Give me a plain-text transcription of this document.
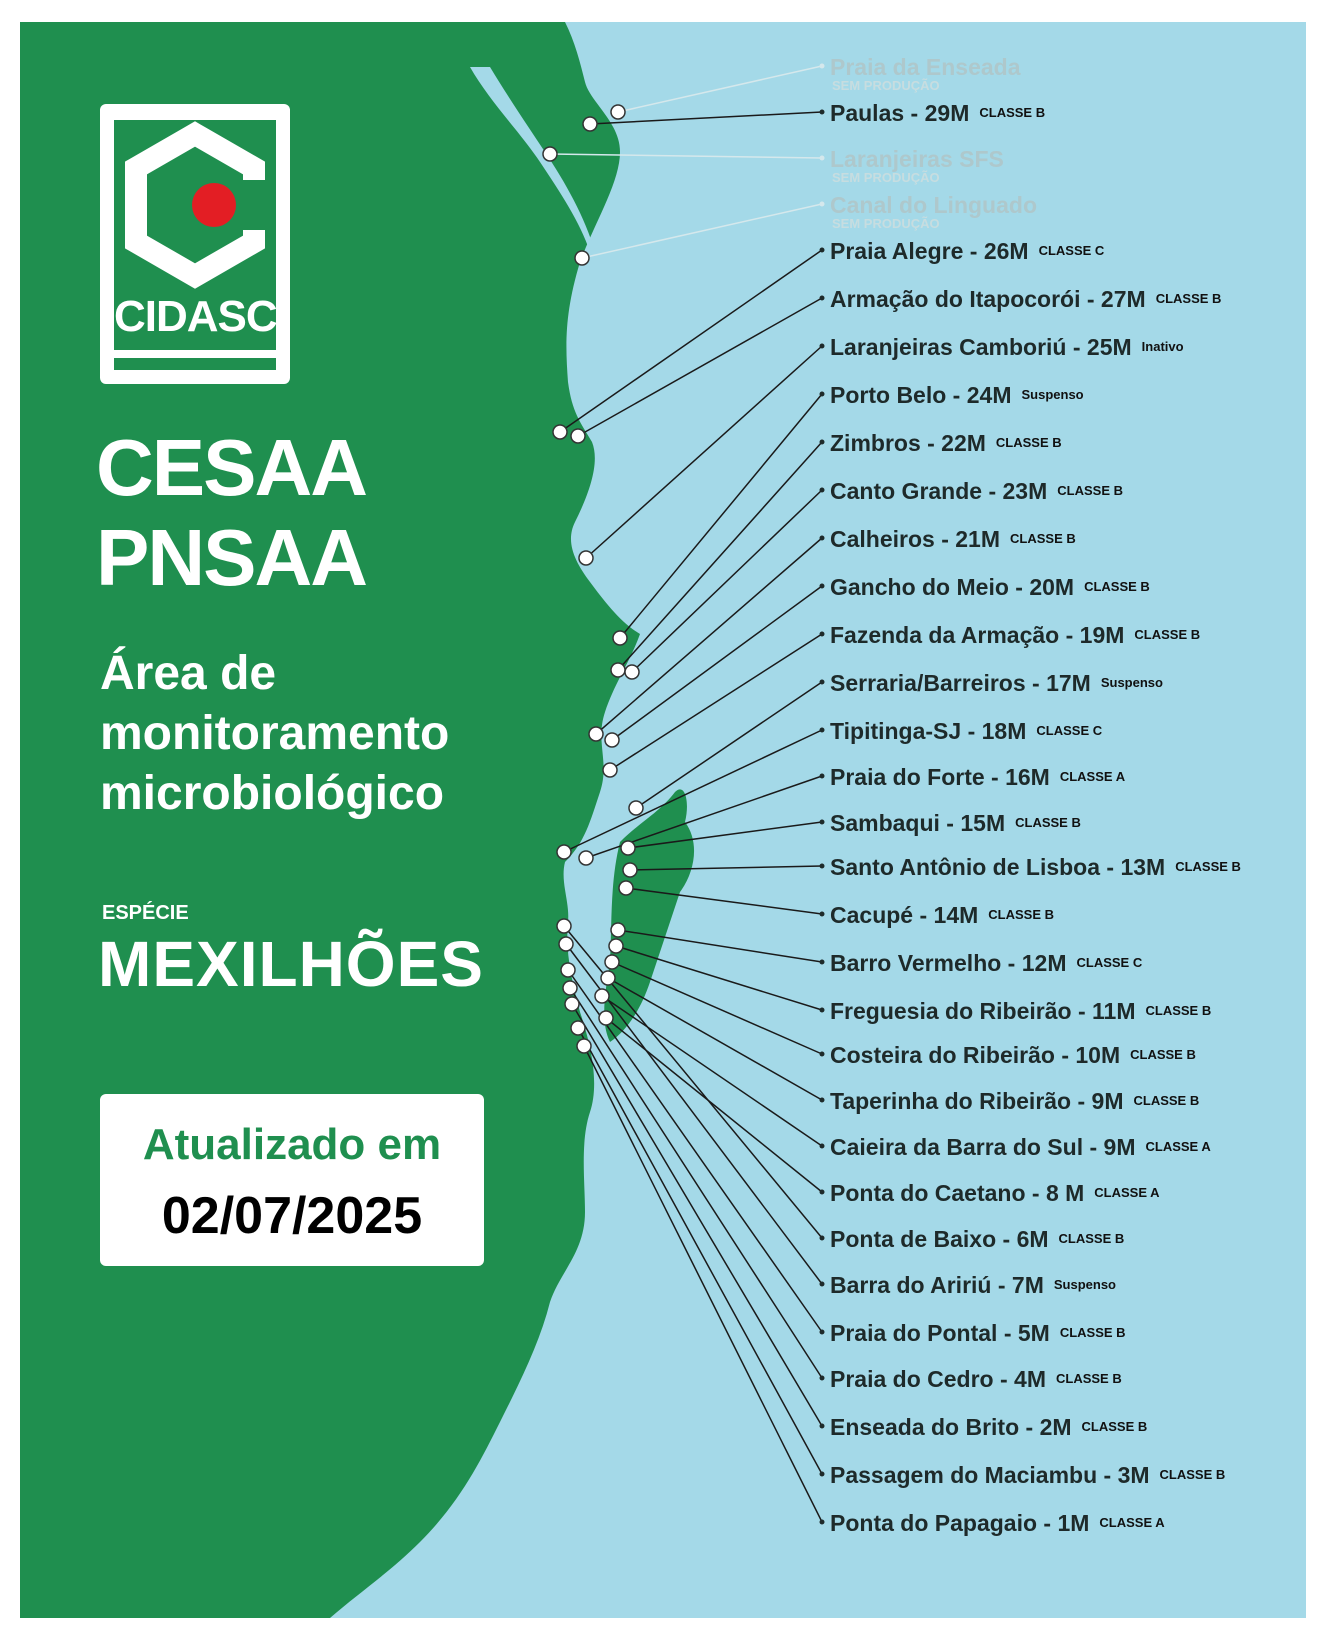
CIDASC
CESAA
PNSAA
Área de
monitoramento
microbiológico
ESPÉCIE
MEXILHÕES
Atualizado em
02/07/2025
Praia da Enseada
SEM PRODUÇÃO
Paulas - 29M $^{CLASSE B}$
Laranjeiras SFS
SEM PRODUÇÃO
Canal do Linguado
SEM PRODUÇÃO
Praia Alegre - 26M $^{CLASSE C}$
Armação do Itapocorói - 27M $^{CLASSE B}$
Laranjeiras Camboriú - 25M $^{Inativo}$
Porto Belo - 24M $^{Suspenso}$
Zimbros - 22M $^{CLASSE B}$
Canto Grande - 23M $^{CLASSE B}$
Calheiros - 21M $^{CLASSE B}$
Gancho do Meio - 20M $^{CLASSE B}$
Fazenda da Armação - 19M $^{CLASSE B}$
Serraria/Barreiros - 17M $^{Suspenso}$
Tipitinga-SJ - 18M $^{CLASSE C}$
Praia do Forte - 16M $^{CLASSE A}$
Sambaqui - 15M $^{CLASSE B}$
Santo Antônio de Lisboa - 13M $^{CLASSE B}$
Cacupé - 14M $^{CLASSE B}$
Barro Vermelho - 12M $^{CLASSE C}$
Freguesia do Ribeirão - 11M $^{CLASSE B}$
Costeira do Ribeirão - 10M $^{CLASSE B}$
Taperinha do Ribeirão - 9M $^{CLASSE B}$
Caieira da Barra do Sul - 9M $^{CLASSE A}$
Ponta do Caetano - 8 M $^{CLASSE A}$
Ponta de Baixo - 6M $^{CLASSE B}$
Barra do Aririú - 7M $^{Suspenso}$
Praia do Pontal - 5M $^{CLASSE B}$
Praia do Cedro - 4M $^{CLASSE B}$
Enseada do Brito - 2M $^{CLASSE B}$
Passagem do Maciambu - 3M $^{CLASSE B}$
Ponta do Papagaio - 1M $^{CLASSE A}$
